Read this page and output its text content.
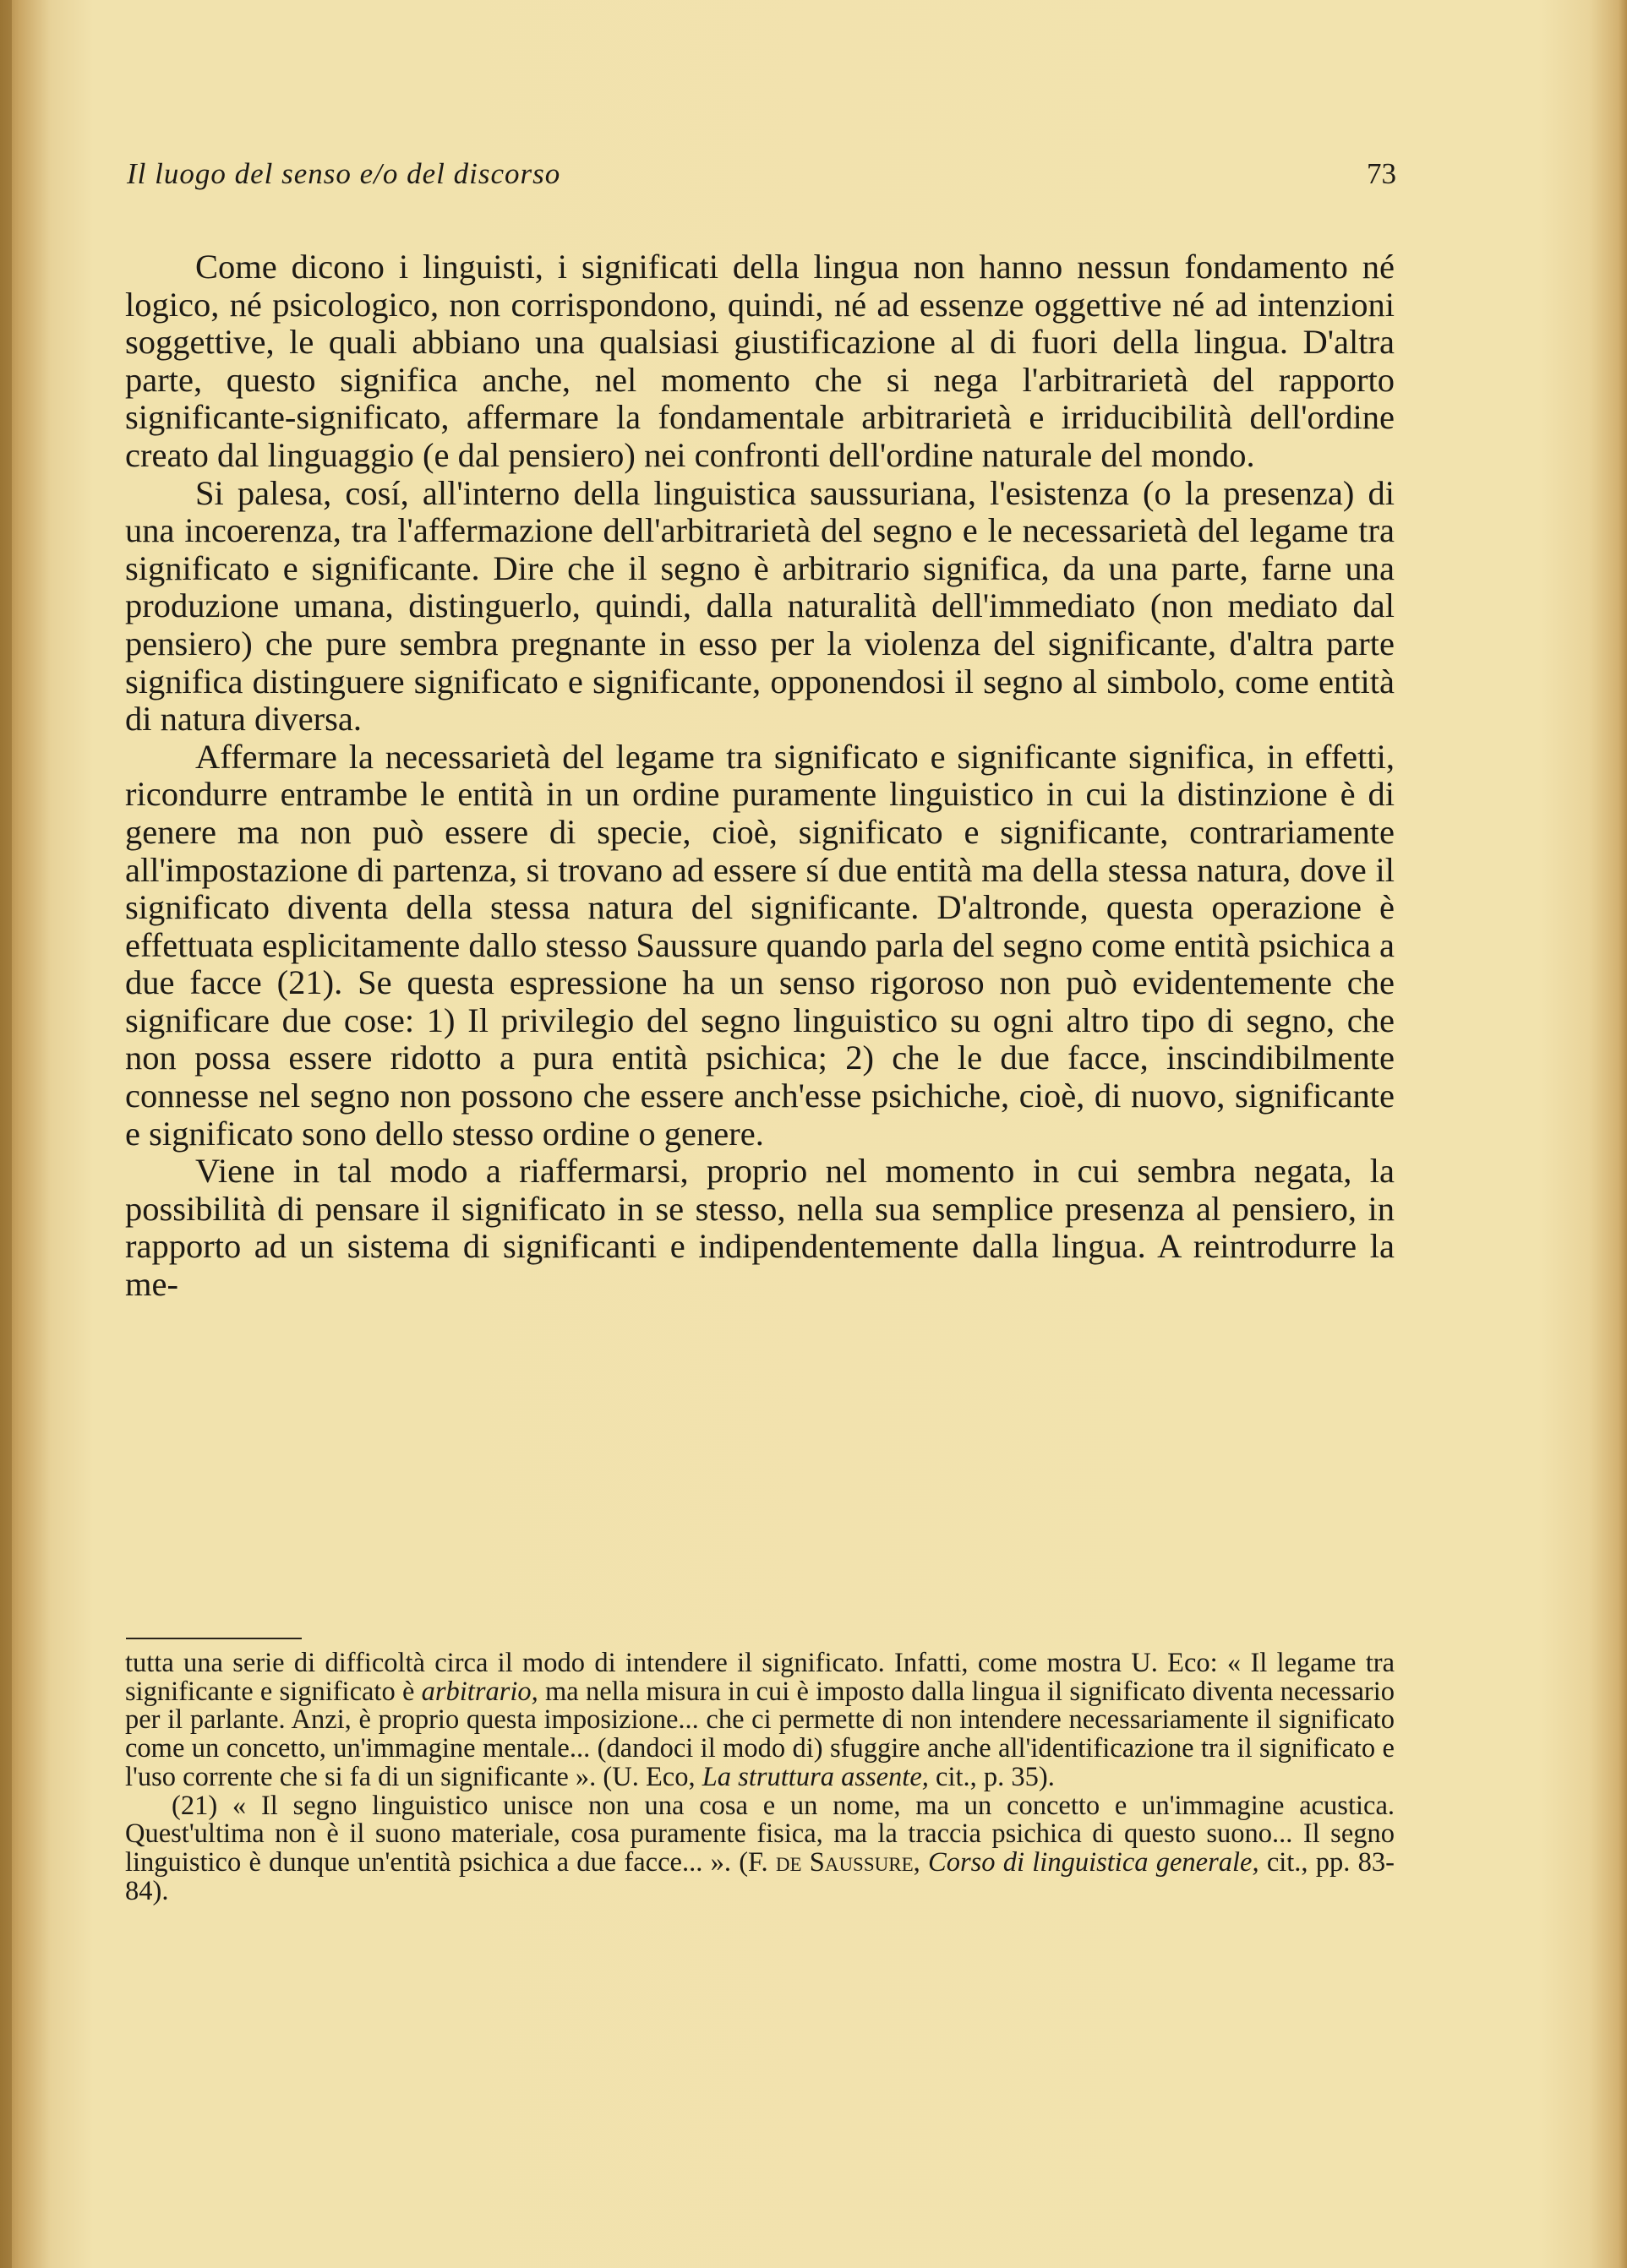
Il luogo del senso e/o del discorso	73

Come dicono i linguisti, i significati della lingua non hanno nessun fondamento né logico, né psicologico, non corrispondono, quindi, né ad essenze oggettive né ad intenzioni soggettive, le quali abbiano una qualsiasi giustificazione al di fuori della lingua. D'altra parte, questo significa anche, nel momento che si nega l'arbitrarietà del rapporto significante-significato, affermare la fondamentale arbitrarietà e irriducibilità dell'ordine creato dal linguaggio (e dal pensiero) nei confronti dell'ordine naturale del mondo.

Si palesa, cosí, all'interno della linguistica saussuriana, l'esistenza (o la presenza) di una incoerenza, tra l'affermazione dell'arbitrarietà del segno e le necessarietà del legame tra significato e significante. Dire che il segno è arbitrario significa, da una parte, farne una produzione umana, distinguerlo, quindi, dalla naturalità dell'immediato (non mediato dal pensiero) che pure sembra pregnante in esso per la violenza del significante, d'altra parte significa distinguere significato e significante, opponendosi il segno al simbolo, come entità di natura diversa.

Affermare la necessarietà del legame tra significato e significante significa, in effetti, ricondurre entrambe le entità in un ordine puramente linguistico in cui la distinzione è di genere ma non può essere di specie, cioè, significato e significante, contrariamente all'impostazione di partenza, si trovano ad essere sí due entità ma della stessa natura, dove il significato diventa della stessa natura del significante. D'altronde, questa operazione è effettuata esplicitamente dallo stesso Saussure quando parla del segno come entità psichica a due facce (21). Se questa espressione ha un senso rigoroso non può evidentemente che significare due cose: 1) Il privilegio del segno linguistico su ogni altro tipo di segno, che non possa essere ridotto a pura entità psichica; 2) che le due facce, inscindibilmente connesse nel segno non possono che essere anch'esse psichiche, cioè, di nuovo, significante e significato sono dello stesso ordine o genere.

Viene in tal modo a riaffermarsi, proprio nel momento in cui sembra negata, la possibilità di pensare il significato in se stesso, nella sua semplice presenza al pensiero, in rapporto ad un sistema di significanti e indipendentemente dalla lingua. A reintrodurre la me-

tutta una serie di difficoltà circa il modo di intendere il significato. Infatti, come mostra U. Eco: « Il legame tra significante e significato è arbitrario, ma nella misura in cui è imposto dalla lingua il significato diventa necessario per il parlante. Anzi, è proprio questa imposizione... che ci permette di non intendere necessariamente il significato come un concetto, un'immagine mentale... (dandoci il modo di) sfuggire anche all'identificazione tra il significato e l'uso corrente che si fa di un significante ». (U. Eco, La struttura assente, cit., p. 35).

(21) « Il segno linguistico unisce non una cosa e un nome, ma un concetto e un'immagine acustica. Quest'ultima non è il suono materiale, cosa puramente fisica, ma la traccia psichica di questo suono... Il segno linguistico è dunque un'entità psichica a due facce... ». (F. de Saussure, Corso di linguistica generale, cit., pp. 83-84).
